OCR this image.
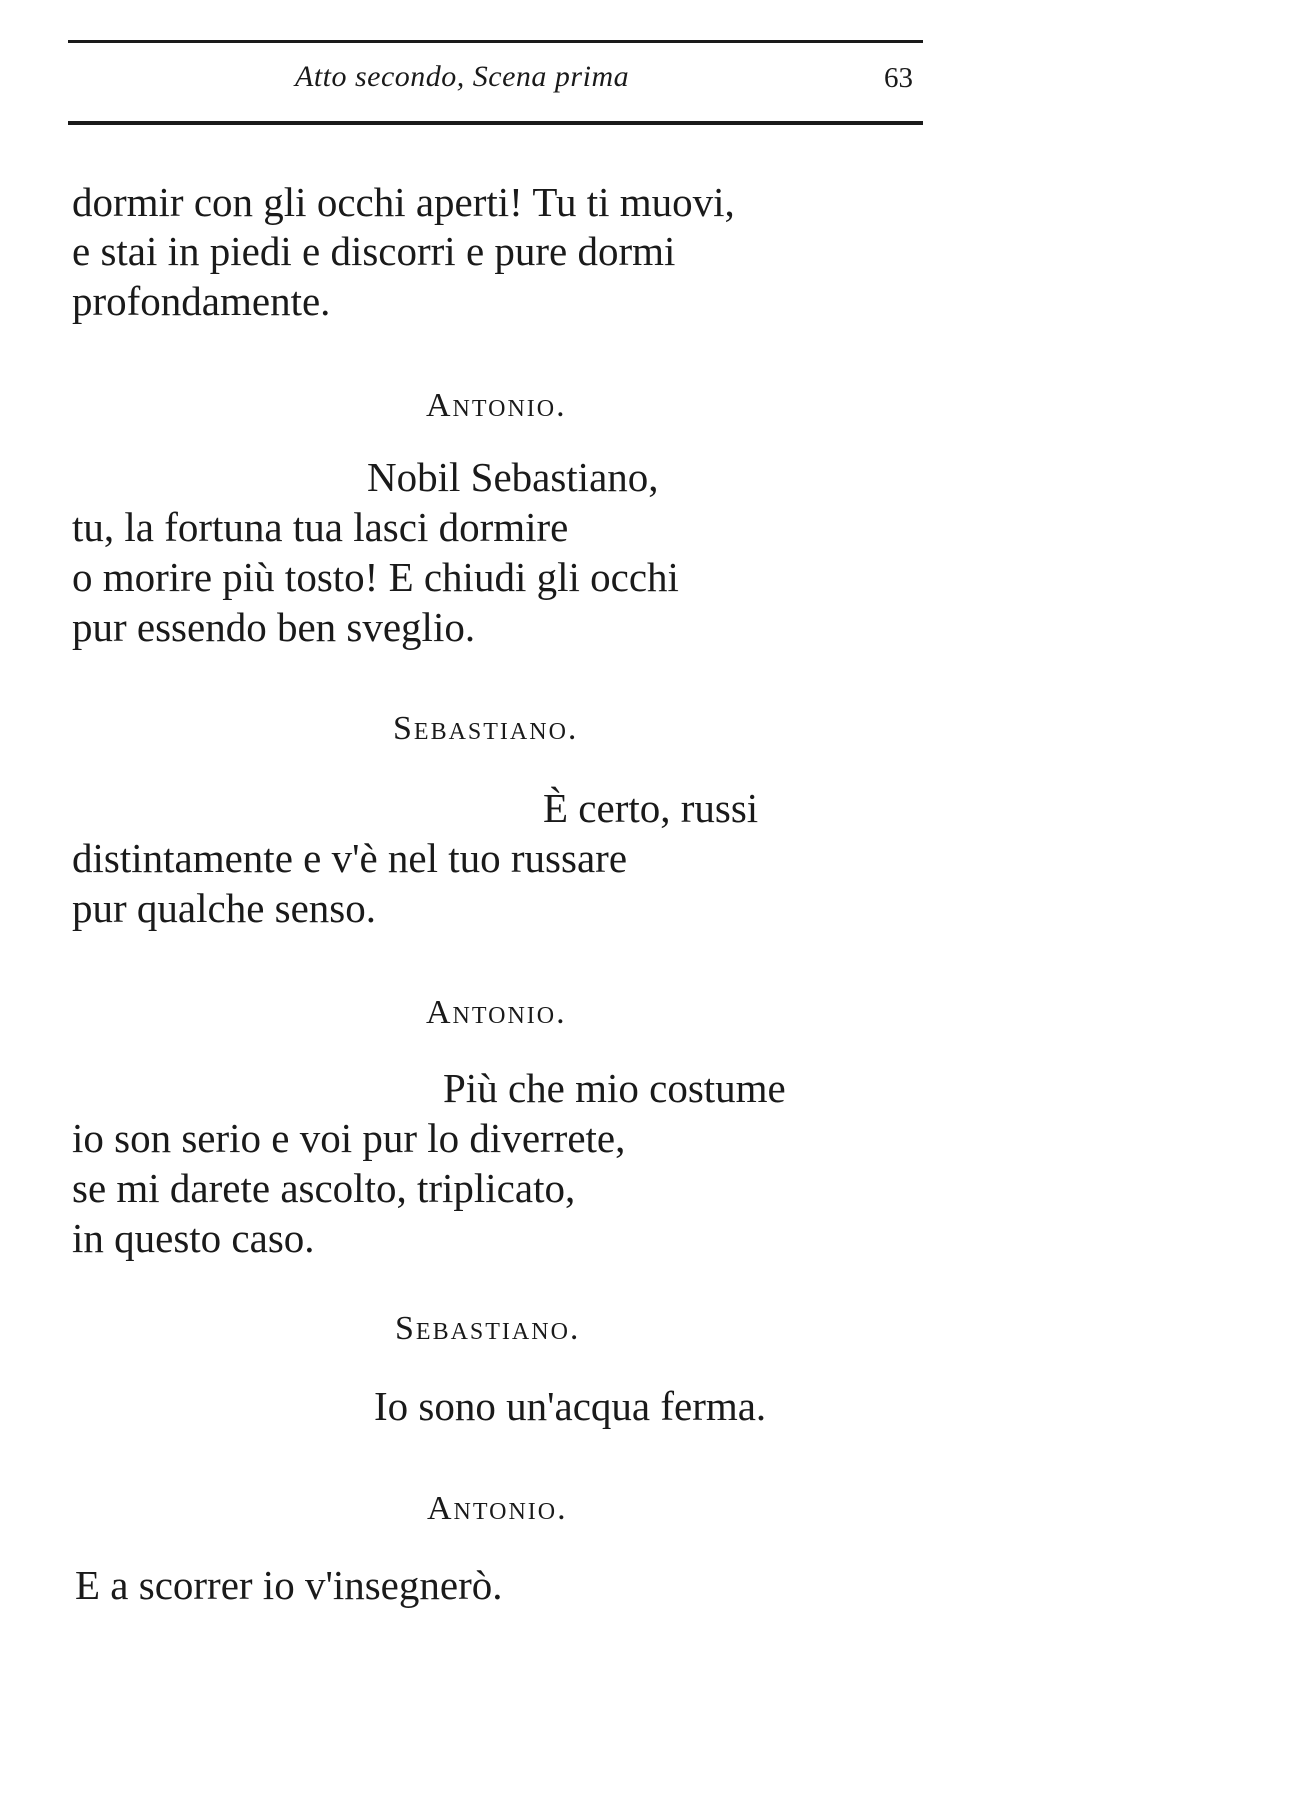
Atto secondo, Scena prima	63
dormir con gli occhi aperti! Tu ti muovi,
e stai in piedi e discorri e pure dormi
profondamente.
Antonio.
Nobil Sebastiano,
tu, la fortuna tua lasci dormire
o morire più tosto! E chiudi gli occhi
pur essendo ben sveglio.
Sebastiano.
È certo, russi
distintamente e v'è nel tuo russare
pur qualche senso.
Antonio.
Più che mio costume
io son serio e voi pur lo diverrete,
se mi darete ascolto, triplicato,
in questo caso.
Sebastiano.
Io sono un'acqua ferma.
Antonio.
E a scorrer io v'insegnerò.
